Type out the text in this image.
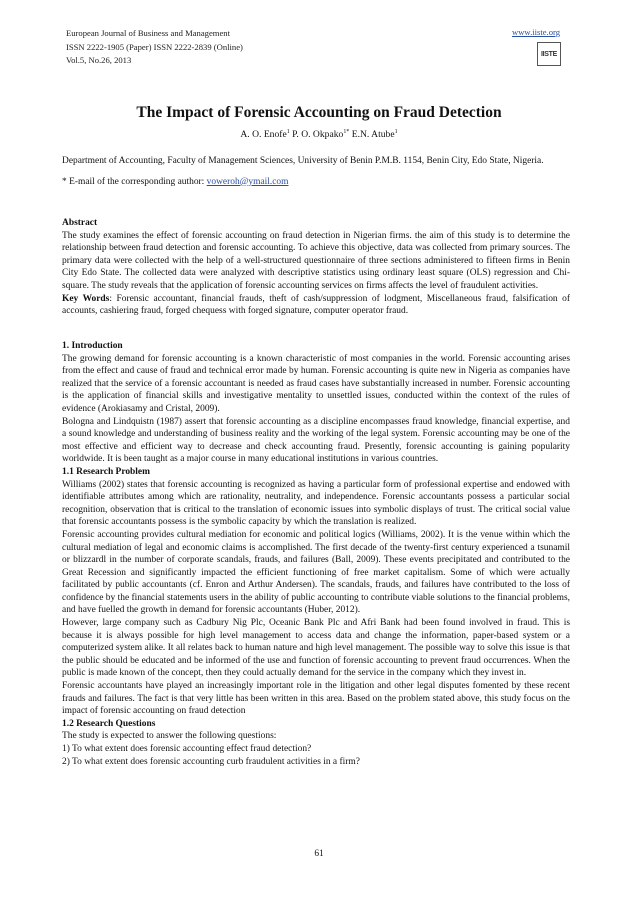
European Journal of Business and Management
ISSN 2222-1905 (Paper) ISSN 2222-2839 (Online)
Vol.5, No.26, 2013
www.iiste.org
IISTE
The Impact of Forensic Accounting on Fraud Detection
A. O. Enofe$^1$ P. O. Okpako$^{1*}$ E.N. Atube$^1$

Department of Accounting, Faculty of Management Sciences, University of Benin P.M.B. 1154, Benin City, Edo State, Nigeria.

* E-mail of the corresponding author: voweroh@ymail.com

Abstract

The study examines the effect of forensic accounting on fraud detection in Nigerian firms. the aim of this study is to determine the relationship between fraud detection and forensic accounting. To achieve this objective, data was collected from primary sources. The primary data were collected with the help of a well-structured questionnaire of three sections administered to fifteen firms in Benin City Edo State. The collected data were analyzed with descriptive statistics using ordinary least square (OLS) regression and Chi-square. The study reveals that the application of forensic accounting services on firms affects the level of fraudulent activities.

Key Words: Forensic accountant, financial frauds, theft of cash/suppression of lodgment, Miscellaneous fraud, falsification of accounts, cashiering fraud, forged chequess with forged signature, computer operator fraud.

1. Introduction

The growing demand for forensic accounting is a known characteristic of most companies in the world. Forensic accounting arises from the effect and cause of fraud and technical error made by human. Forensic accounting is quite new in Nigeria as companies have realized that the service of a forensic accountant is needed as fraud cases have substantially increased in number. Forensic accounting is the application of financial skills and investigative mentality to unsettled issues, conducted within the context of the rules of evidence (Arokiasamy and Cristal, 2009).

Bologna and Lindquistn (1987) assert that forensic accounting as a discipline encompasses fraud knowledge, financial expertise, and a sound knowledge and understanding of business reality and the working of the legal system. Forensic accounting may be one of the most effective and efficient way to decrease and check accounting fraud. Presently, forensic accounting is gaining popularity worldwide. It is been taught as a major course in many educational institutions in various countries.

1.1 Research Problem

Williams (2002) states that forensic accounting is recognized as having a particular form of professional expertise and endowed with identifiable attributes among which are rationality, neutrality, and independence. Forensic accountants possess a particular social recognition, observation that is critical to the translation of economic issues into symbolic displays of trust. The critical social value that forensic accountants possess is the symbolic capacity by which the translation is realized.

Forensic accounting provides cultural mediation for economic and political logics (Williams, 2002). It is the venue within which the cultural mediation of legal and economic claims is accomplished. The first decade of the twenty-first century experienced a tsunamil or blizzardl in the number of corporate scandals, frauds, and failures (Ball, 2009). These events precipitated and contributed to the Great Recession and significantly impacted the efficient functioning of free market capitalism. Some of which were actually facilitated by public accountants (cf. Enron and Arthur Andersen). The scandals, frauds, and failures have contributed to the loss of confidence by the financial statements users in the ability of public accounting to contribute viable solutions to the financial problems, and have fuelled the growth in demand for forensic accountants (Huber, 2012).

However, large company such as Cadbury Nig Plc, Oceanic Bank Plc and Afri Bank had been found involved in fraud. This is because it is always possible for high level management to access data and change the information, paper-based system or a computerized system alike. It all relates back to human nature and high level management. The possible way to solve this issue is that the public should be educated and be informed of the use and function of forensic accounting to prevent fraud occurrences. When the public is made known of the concept, then they could actually demand for the service in the company which they invest in.

Forensic accountants have played an increasingly important role in the litigation and other legal disputes fomented by these recent frauds and failures. The fact is that very little has been written in this area. Based on the problem stated above, this study focus on the impact of forensic accounting on fraud detection

1.2 Research Questions

The study is expected to answer the following questions:

1) To what extent does forensic accounting effect fraud detection?

2) To what extent does forensic accounting curb fraudulent activities in a firm?

61
